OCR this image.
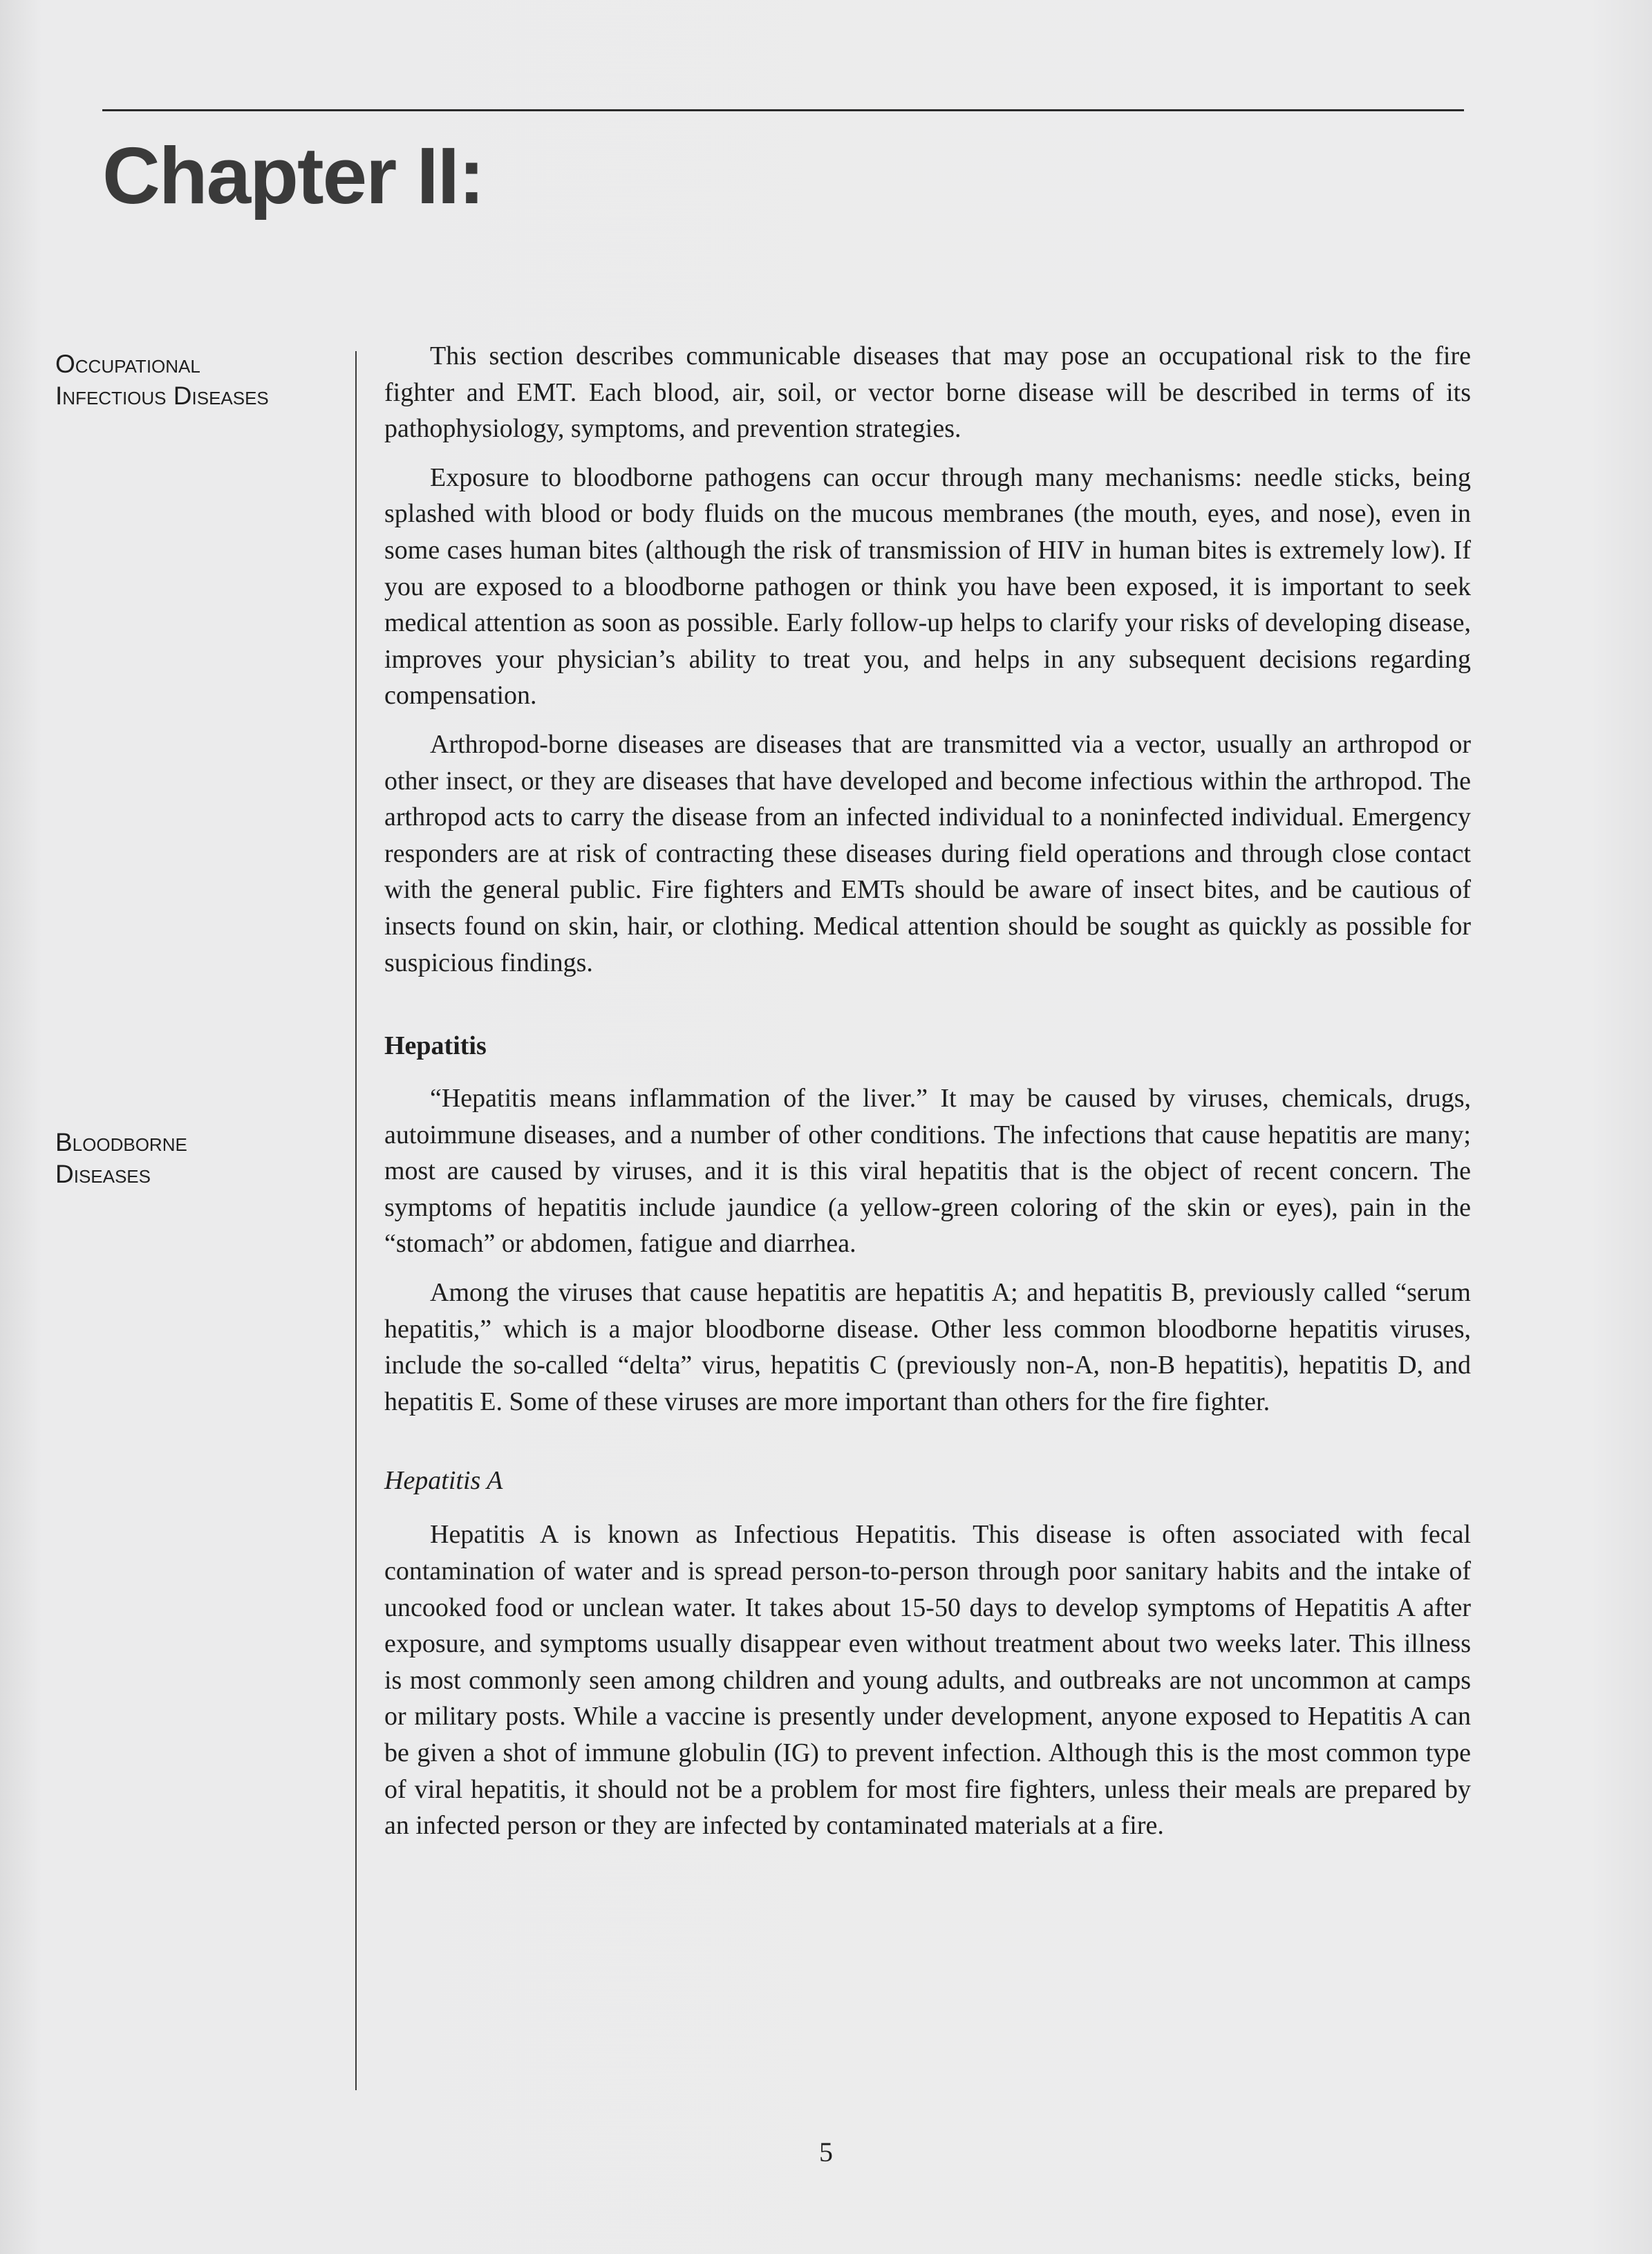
Chapter II:
Occupational
Infectious Diseases
Bloodborne
Diseases

This section describes communicable diseases that may pose an occupational risk to the fire fighter and EMT. Each blood, air, soil, or vector borne disease will be described in terms of its pathophysiology, symptoms, and prevention strategies.

Exposure to bloodborne pathogens can occur through many mechanisms: needle sticks, being splashed with blood or body fluids on the mucous membranes (the mouth, eyes, and nose), even in some cases human bites (although the risk of transmission of HIV in human bites is extremely low). If you are exposed to a bloodborne pathogen or think you have been exposed, it is important to seek medical attention as soon as possible. Early follow-up helps to clarify your risks of developing disease, improves your physician’s ability to treat you, and helps in any subsequent decisions regarding compensation.

Arthropod-borne diseases are diseases that are transmitted via a vector, usually an arthropod or other insect, or they are diseases that have developed and become infectious within the arthropod. The arthropod acts to carry the disease from an infected individual to a noninfected individual. Emergency responders are at risk of contracting these diseases during field operations and through close contact with the general public. Fire fighters and EMTs should be aware of insect bites, and be cautious of insects found on skin, hair, or clothing. Medical attention should be sought as quickly as possible for suspicious findings.

Hepatitis

“Hepatitis means inflammation of the liver.” It may be caused by viruses, chemicals, drugs, autoimmune diseases, and a number of other conditions. The infections that cause hepatitis are many; most are caused by viruses, and it is this viral hepatitis that is the object of recent concern. The symptoms of hepatitis include jaundice (a yellow-green coloring of the skin or eyes), pain in the “stomach” or abdomen, fatigue and diarrhea.

Among the viruses that cause hepatitis are hepatitis A; and hepatitis B, previously called “serum hepatitis,” which is a major bloodborne disease. Other less common bloodborne hepatitis viruses, include the so-called “delta” virus, hepatitis C (previously non-A, non-B hepatitis), hepatitis D, and hepatitis E. Some of these viruses are more important than others for the fire fighter.

Hepatitis A

Hepatitis A is known as Infectious Hepatitis. This disease is often associated with fecal contamination of water and is spread person-to-person through poor sanitary habits and the intake of uncooked food or unclean water. It takes about 15-50 days to develop symptoms of Hepatitis A after exposure, and symptoms usually disappear even without treatment about two weeks later. This illness is most commonly seen among children and young adults, and outbreaks are not uncommon at camps or military posts. While a vaccine is presently under development, anyone exposed to Hepatitis A can be given a shot of immune globulin (IG) to prevent infection. Although this is the most common type of viral hepatitis, it should not be a problem for most fire fighters, unless their meals are prepared by an infected person or they are infected by contaminated materials at a fire.

5
